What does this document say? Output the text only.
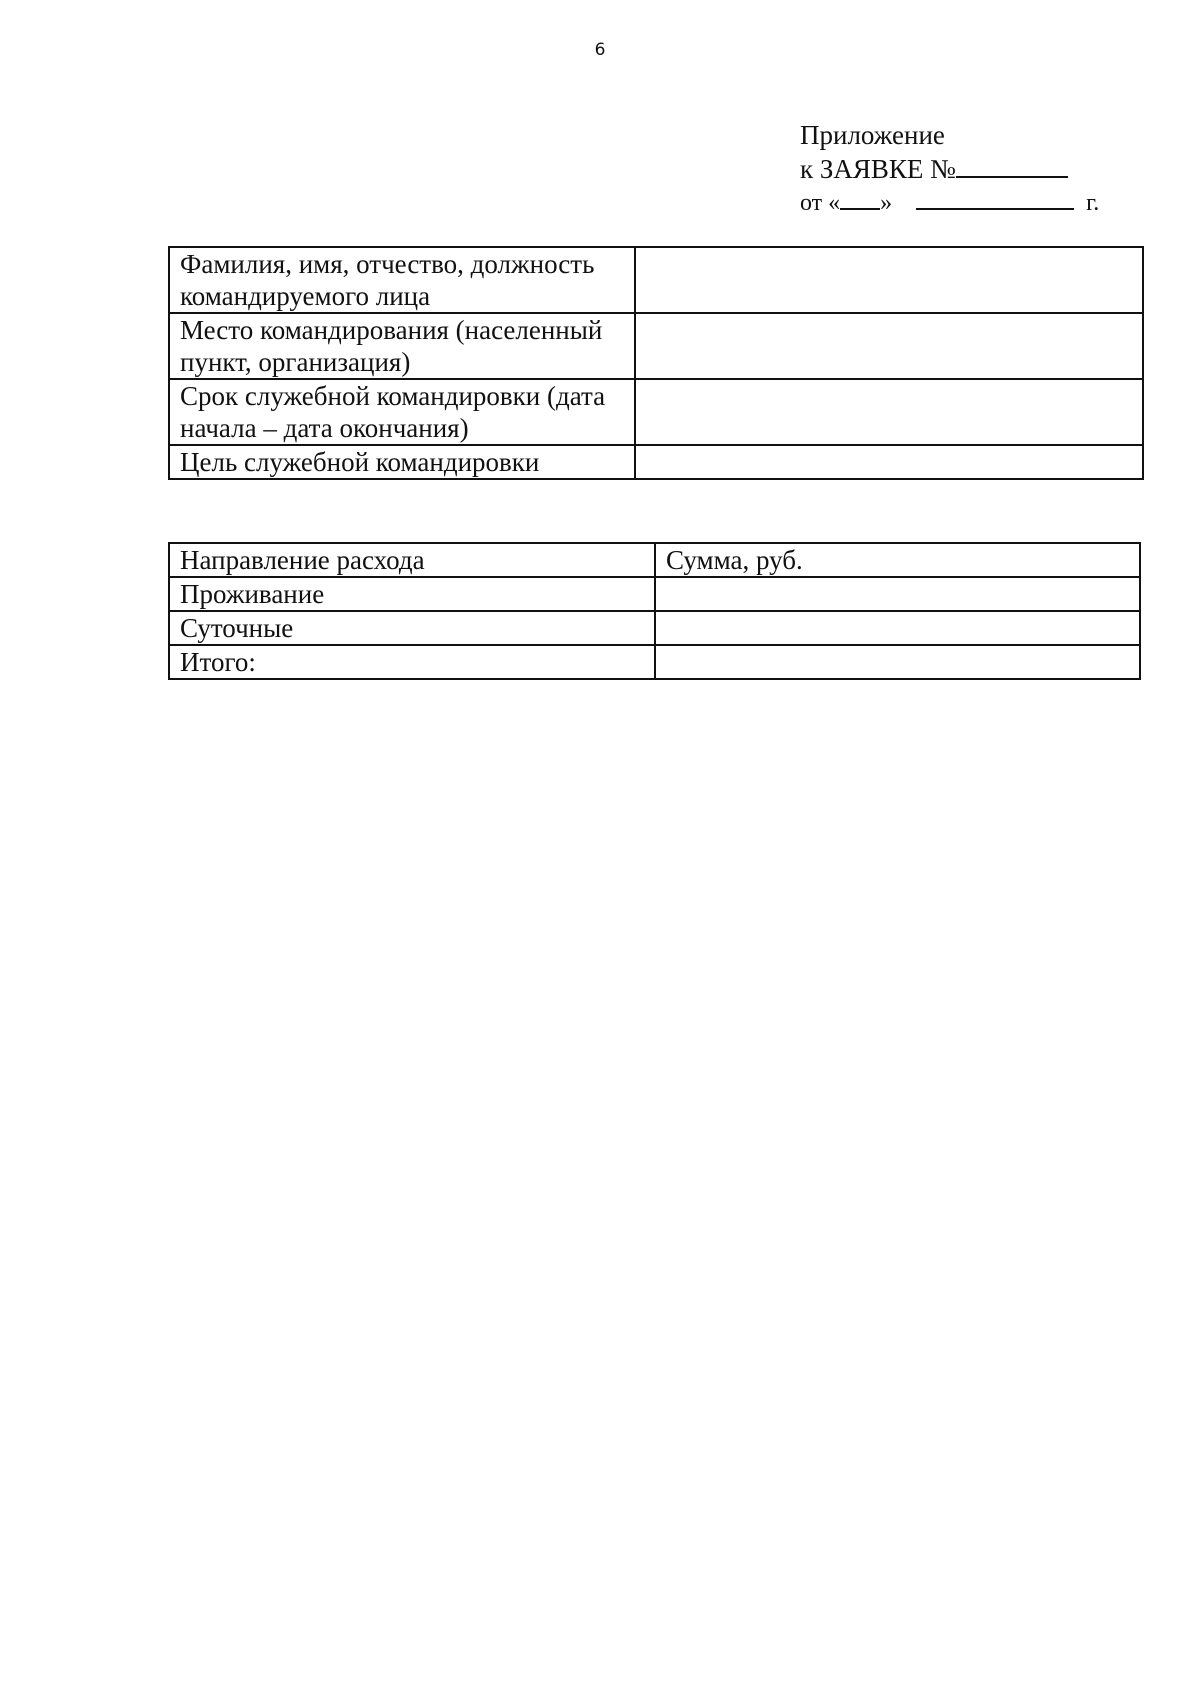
6
Приложение
к ЗАЯВКЕ №
от « »	г.
Фамилия, имя, отчество, должность командируемого лица	
Место командирования (населенный пункт, организация)	
Срок служебной командировки (дата начала – дата окончания)	
Цель служебной командировки	
Направление расхода	Сумма, руб.
Проживание	
Суточные	
Итого:	
